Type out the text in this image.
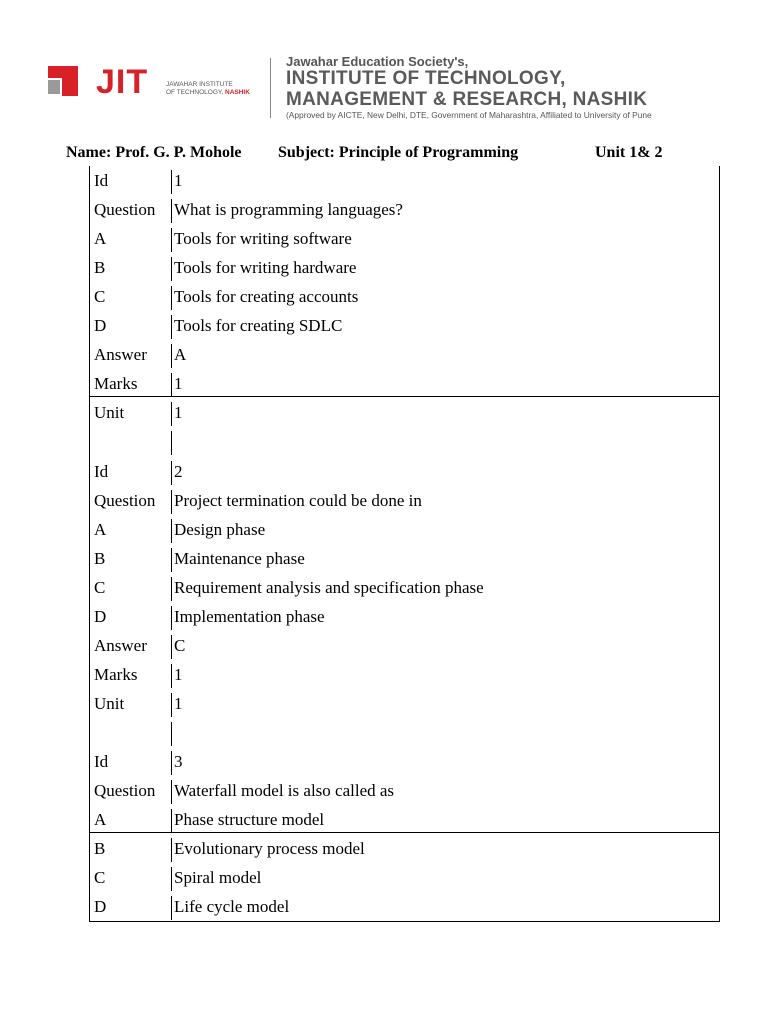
JIT	JAWAHAR INSTITUTE
OF TECHNOLOGY, NASHIK
Jawahar Education Society's,
INSTITUTE OF TECHNOLOGY,
MANAGEMENT & RESEARCH, NASHIK
(Approved by AICTE, New Delhi, DTE, Government of Maharashtra, Affiliated to University of Pune
Name: Prof. G. P. Mohole Subject: Principle of Programming	Unit 1& 2
Id	1
Question What is programming languages?
A	Tools for writing software
B	Tools for writing hardware
C	Tools for creating accounts
D	Tools for creating SDLC
Answer A
Marks 1
Unit	1
Id	2
Question Project termination could be done in
A	Design phase
B	Maintenance phase
C	Requirement analysis and specification phase
D	Implementation phase
Answer C
Marks 1
Unit	1
Id	3
Question Waterfall model is also called as
A	Phase structure model
B	Evolutionary process model
C	Spiral model
D	Life cycle model
